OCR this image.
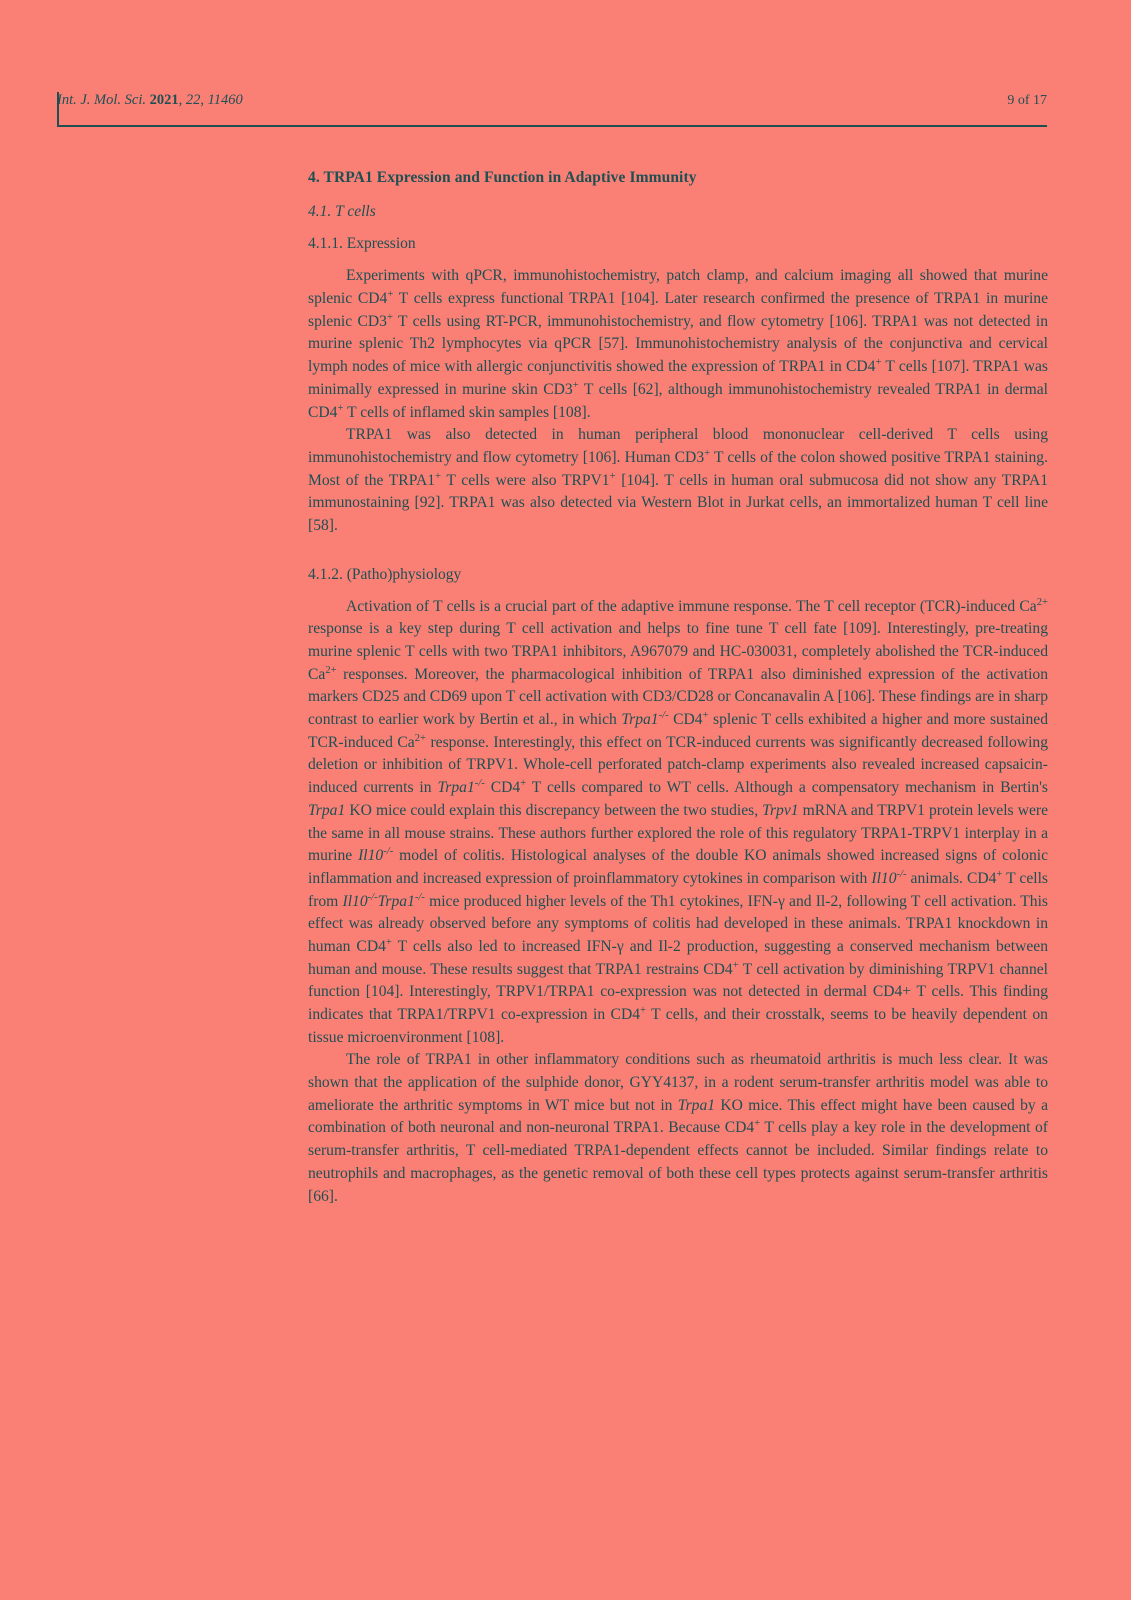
Int. J. Mol. Sci. 2021, 22, 11460	9 of 17
4. TRPA1 Expression and Function in Adaptive Immunity
4.1. T cells
4.1.1. Expression

Experiments with qPCR, immunohistochemistry, patch clamp, and calcium imaging all showed that murine splenic CD4+ T cells express functional TRPA1 [104]. Later research confirmed the presence of TRPA1 in murine splenic CD3+ T cells using RT-PCR, immunohistochemistry, and flow cytometry [106]. TRPA1 was not detected in murine splenic Th2 lymphocytes via qPCR [57]. Immunohistochemistry analysis of the conjunctiva and cervical lymph nodes of mice with allergic conjunctivitis showed the expression of TRPA1 in CD4+ T cells [107]. TRPA1 was minimally expressed in murine skin CD3+ T cells [62], although immunohistochemistry revealed TRPA1 in dermal CD4+ T cells of inflamed skin samples [108].

TRPA1 was also detected in human peripheral blood mononuclear cell-derived T cells using immunohistochemistry and flow cytometry [106]. Human CD3+ T cells of the colon showed positive TRPA1 staining. Most of the TRPA1+ T cells were also TRPV1+ [104]. T cells in human oral submucosa did not show any TRPA1 immunostaining [92]. TRPA1 was also detected via Western Blot in Jurkat cells, an immortalized human T cell line [58].

4.1.2. (Patho)physiology

Activation of T cells is a crucial part of the adaptive immune response. The T cell receptor (TCR)-induced $Ca^{2+}$ response is a key step during T cell activation and helps to fine tune T cell fate [109]. Interestingly, pre-treating murine splenic T cells with two TRPA1 inhibitors, A967079 and HC-030031, completely abolished the TCR-induced $Ca^{2+}$ responses. Moreover, the pharmacological inhibition of TRPA1 also diminished expression of the activation markers CD25 and CD69 upon T cell activation with CD3/CD28 or Concanavalin A [106]. These findings are in sharp contrast to earlier work by Bertin et al., in which Trpa1-/- CD4+ splenic T cells exhibited a higher and more sustained TCR-induced $Ca^{2+}$ response. Interestingly, this effect on TCR-induced currents was significantly decreased following deletion or inhibition of TRPV1. Whole-cell perforated patch-clamp experiments also revealed increased capsaicin-induced currents in Trpa1-/- CD4+ T cells compared to WT cells. Although a compensatory mechanism in Bertin's Trpa1 KO mice could explain this discrepancy between the two studies, Trpv1 mRNA and TRPV1 protein levels were the same in all mouse strains. These authors further explored the role of this regulatory TRPA1-TRPV1 interplay in a murine Il10-/- model of colitis. Histological analyses of the double KO animals showed increased signs of colonic inflammation and increased expression of proinflammatory cytokines in comparison with Il10-/- animals. CD4+ T cells from Il10-/-Trpa1-/- mice produced higher levels of the Th1 cytokines, IFN-γ and Il-2, following T cell activation. This effect was already observed before any symptoms of colitis had developed in these animals. TRPA1 knockdown in human CD4+ T cells also led to increased IFN-γ and Il-2 production, suggesting a conserved mechanism between human and mouse. These results suggest that TRPA1 restrains CD4+ T cell activation by diminishing TRPV1 channel function [104]. Interestingly, TRPV1/TRPA1 co-expression was not detected in dermal CD4+ T cells. This finding indicates that TRPA1/TRPV1 co-expression in CD4+ T cells, and their crosstalk, seems to be heavily dependent on tissue microenvironment [108].

The role of TRPA1 in other inflammatory conditions such as rheumatoid arthritis is much less clear. It was shown that the application of the sulphide donor, GYY4137, in a rodent serum-transfer arthritis model was able to ameliorate the arthritic symptoms in WT mice but not in Trpa1 KO mice. This effect might have been caused by a combination of both neuronal and non-neuronal TRPA1. Because CD4+ T cells play a key role in the development of serum-transfer arthritis, T cell-mediated TRPA1-dependent effects cannot be included. Similar findings relate to neutrophils and macrophages, as the genetic removal of both these cell types protects against serum-transfer arthritis [66].
